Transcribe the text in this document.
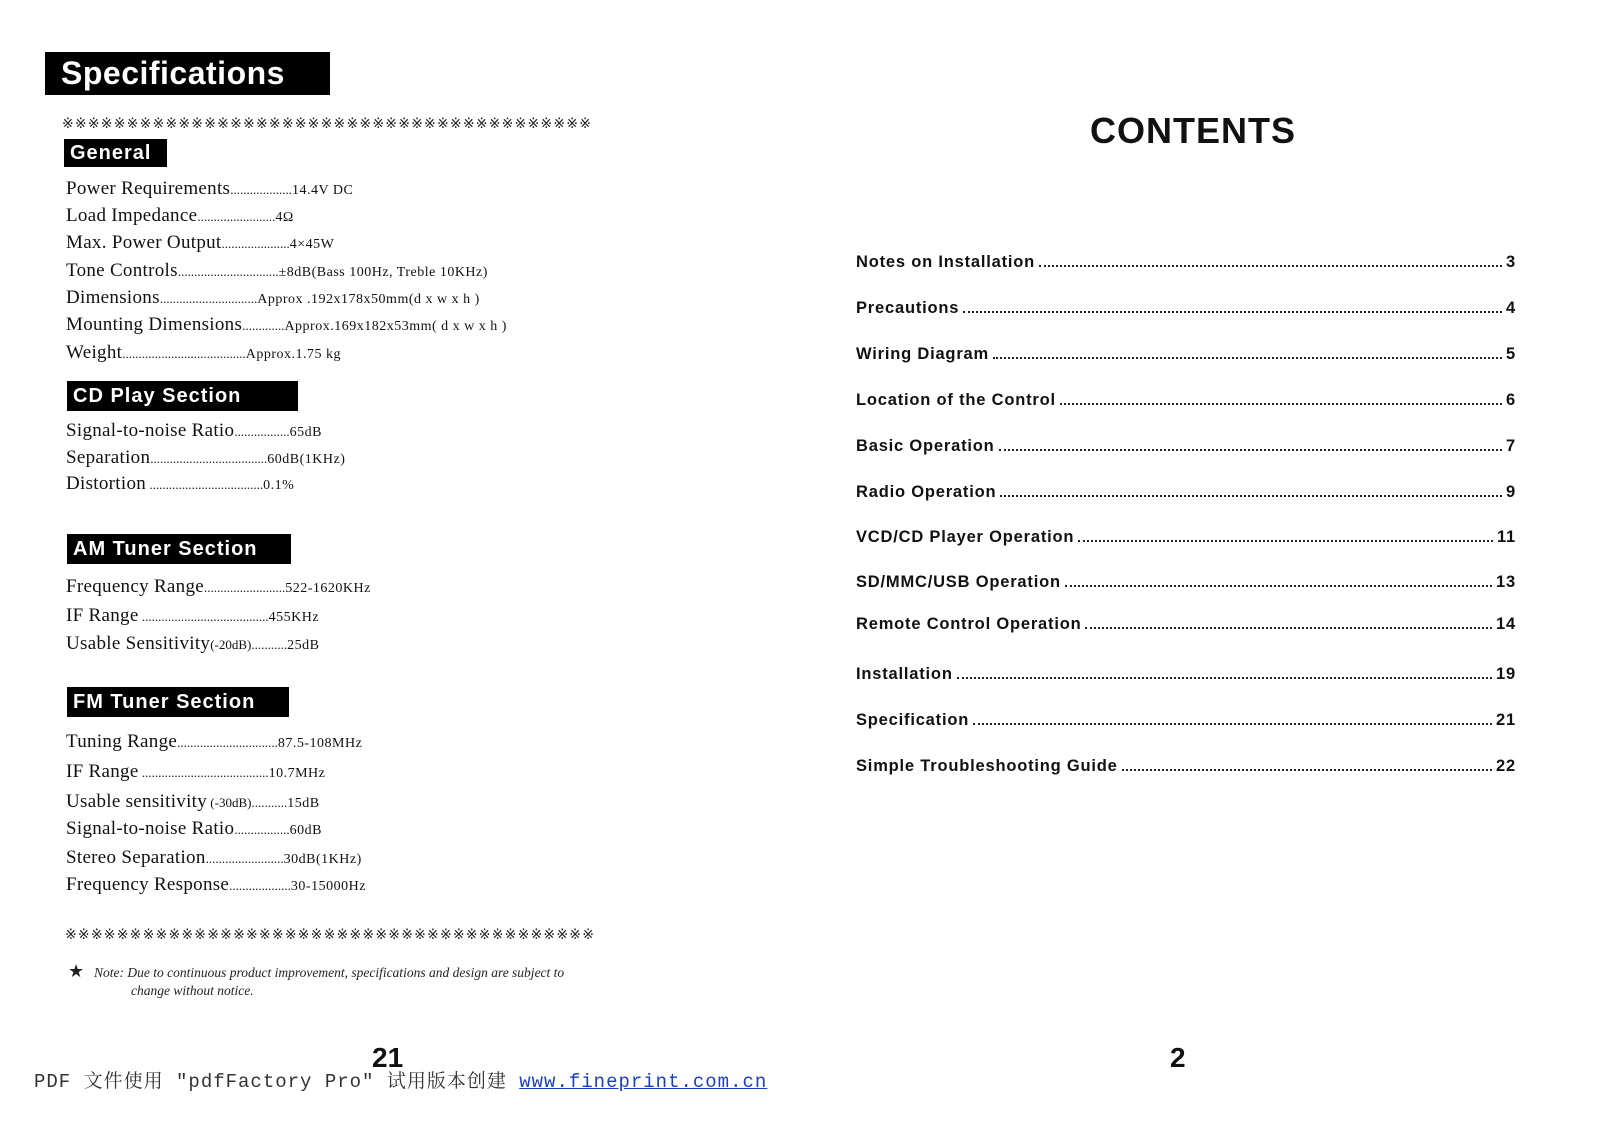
Specifications
※※※※※※※※※※※※※※※※※※※※※※※※※※※※※※※※※※※※※※※※※
General
Power Requirements...................14.4V DC
Load Impedance........................4Ω
Max. Power Output.....................4×45W
Tone Controls...............................±8dB(Bass 100Hz, Treble 10KHz)
Dimensions..............................Approx .192x178x50mm(d x w x h )
Mounting Dimensions.............Approx.169x182x53mm( d x w x h )
Weight......................................Approx.1.75 kg
CD Play Section
Signal-to-noise Ratio.................65dB
Separation....................................60dB(1KHz)
Distortion ...................................0.1%
AM Tuner Section
Frequency Range.........................522-1620KHz
IF Range .......................................455KHz
Usable Sensitivity(-20dB)...........25dB
FM Tuner Section
Tuning Range...............................87.5-108MHz
IF Range .......................................10.7MHz
Usable sensitivity (-30dB)...........15dB
Signal-to-noise Ratio.................60dB
Stereo Separation........................30dB(1KHz)
Frequency Response...................30-15000Hz
※※※※※※※※※※※※※※※※※※※※※※※※※※※※※※※※※※※※※※※※※
★ Note: Due to continuous product improvement, specifications and design are subject to
change without notice.
21
CONTENTS
Notes on Installation	3
Precautions	4
Wiring Diagram	5
Location of the Control	6
Basic Operation	7
Radio Operation	9
VCD/CD Player Operation	11
SD/MMC/USB Operation	13
Remote Control Operation	14
Installation	19
Specification	21
Simple Troubleshooting Guide	22
2
PDF 文件使用 "pdfFactory Pro" 试用版本创建 www.fineprint.com.cn
